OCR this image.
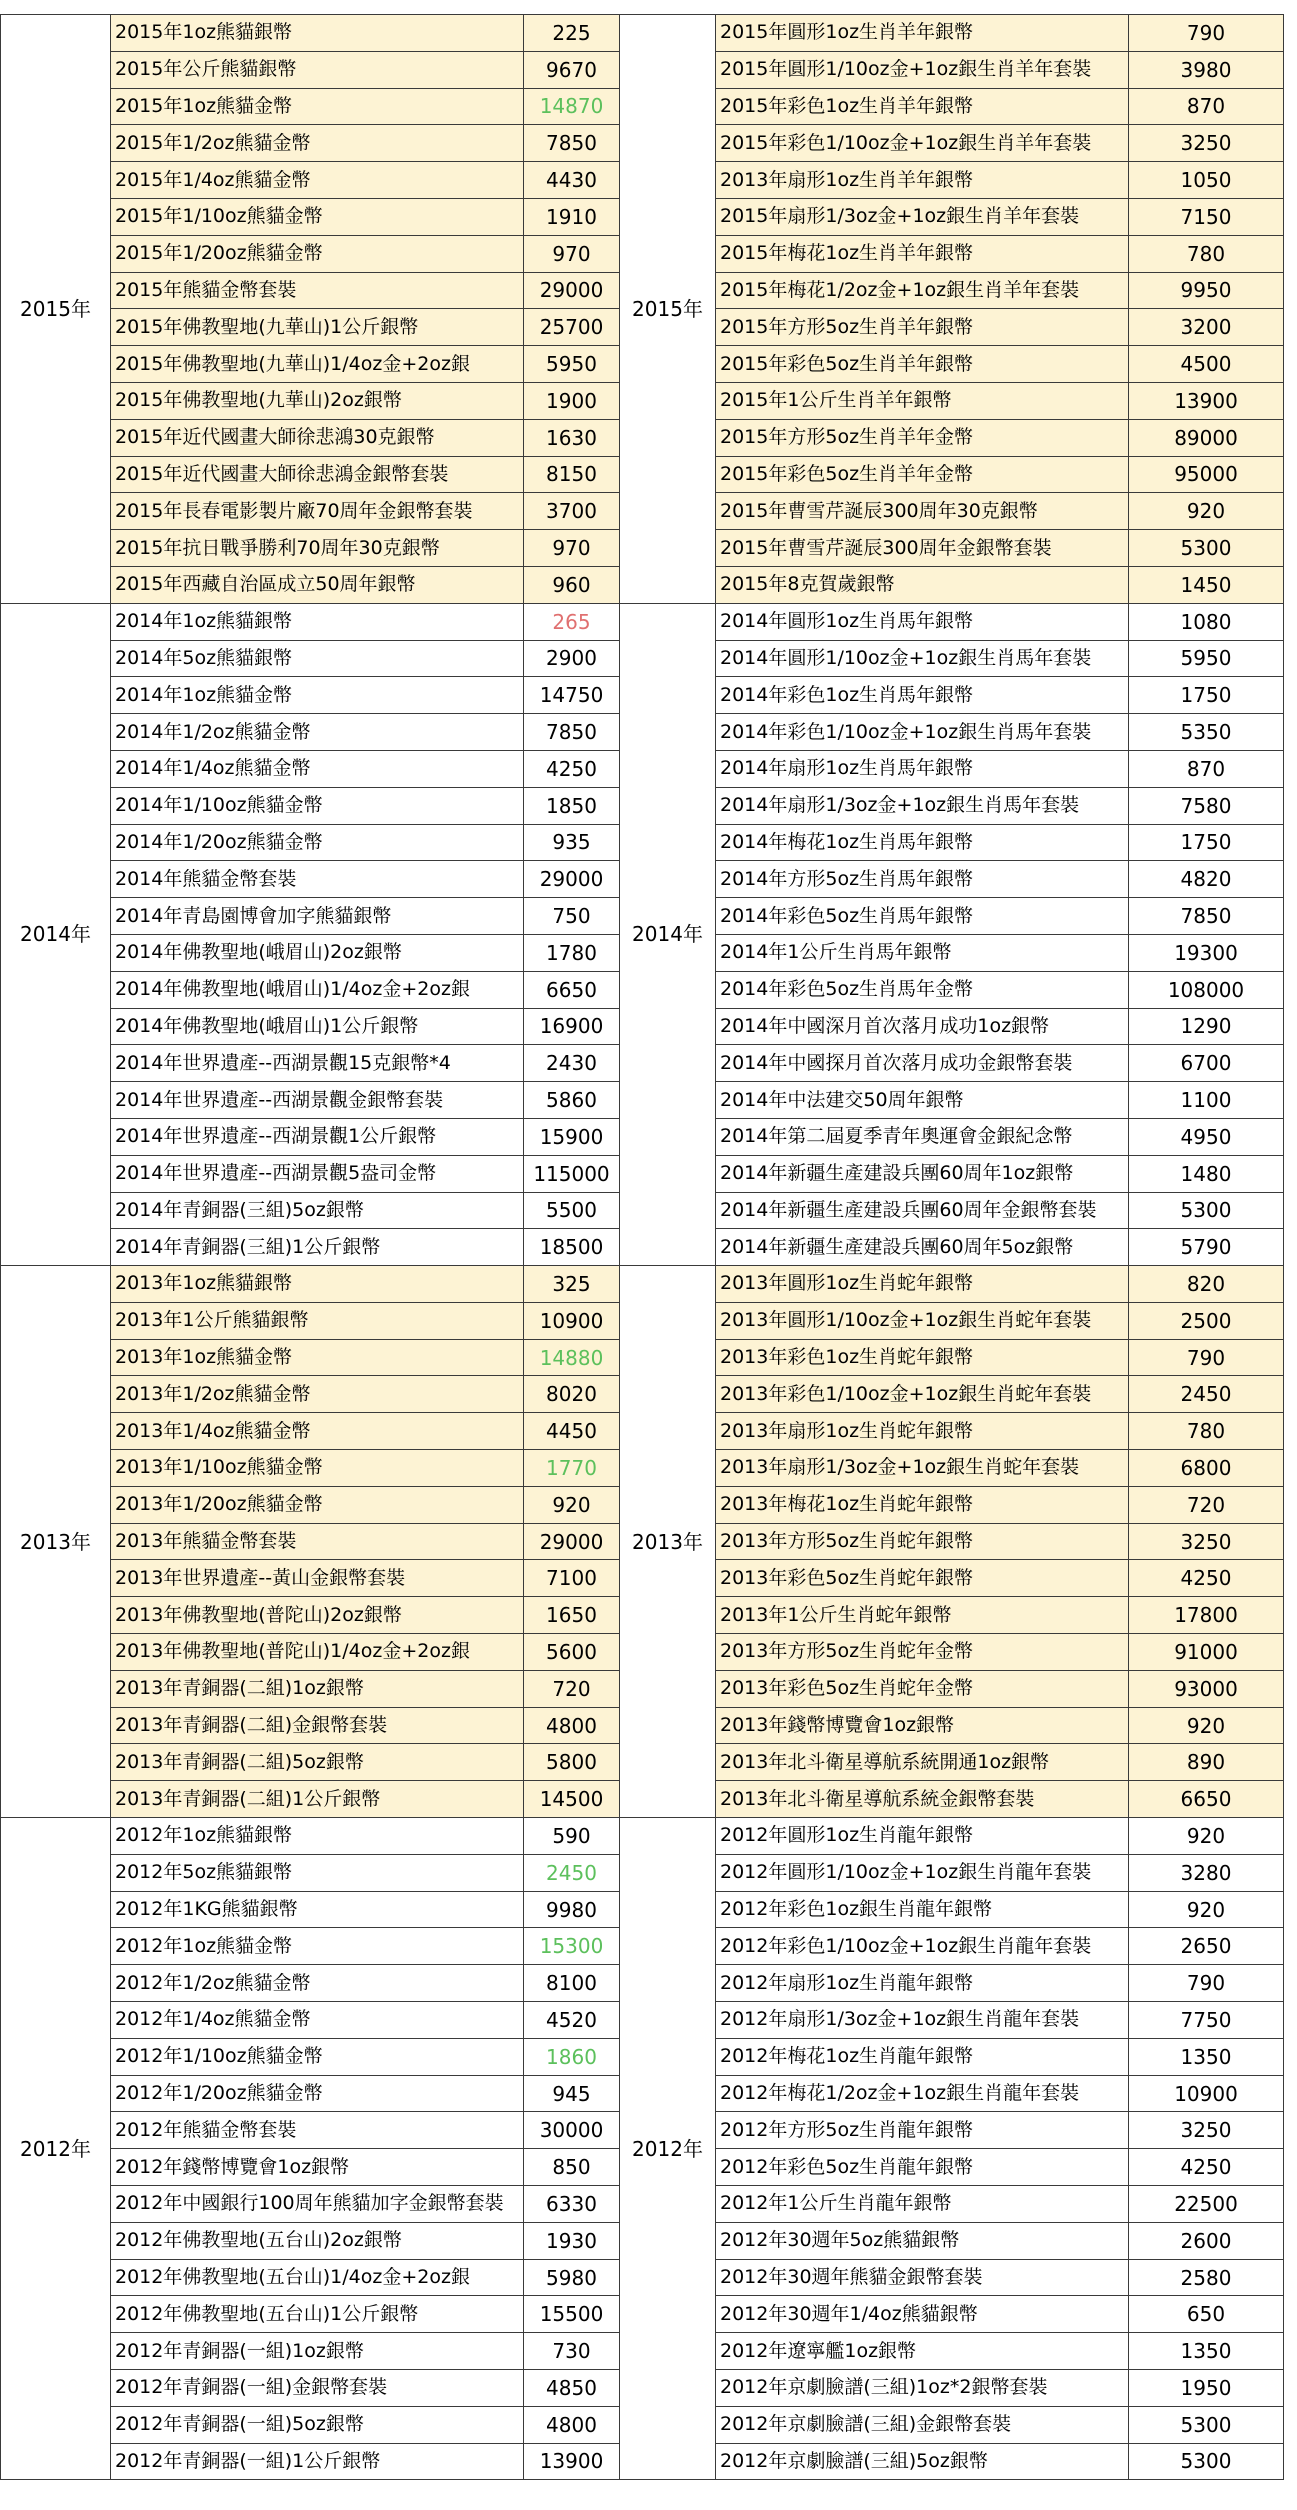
2015年	2015年1oz熊貓銀幣	225	2015年	2015年圓形1oz生肖羊年銀幣	790
	2015年公斤熊貓銀幣	9670		2015年圓形1/10oz金+1oz銀生肖羊年套裝	3980
	2015年1oz熊貓金幣	14870		2015年彩色1oz生肖羊年銀幣	870
	2015年1/2oz熊貓金幣	7850		2015年彩色1/10oz金+1oz銀生肖羊年套裝	3250
	2015年1/4oz熊貓金幣	4430		2013年扇形1oz生肖羊年銀幣	1050
	2015年1/10oz熊貓金幣	1910		2015年扇形1/3oz金+1oz銀生肖羊年套裝	7150
	2015年1/20oz熊貓金幣	970		2015年梅花1oz生肖羊年銀幣	780
	2015年熊貓金幣套裝	29000		2015年梅花1/2oz金+1oz銀生肖羊年套裝	9950
	2015年佛教聖地(九華山)1公斤銀幣	25700		2015年方形5oz生肖羊年銀幣	3200
	2015年佛教聖地(九華山)1/4oz金+2oz銀	5950		2015年彩色5oz生肖羊年銀幣	4500
	2015年佛教聖地(九華山)2oz銀幣	1900		2015年1公斤生肖羊年銀幣	13900
	2015年近代國畫大師徐悲鴻30克銀幣	1630		2015年方形5oz生肖羊年金幣	89000
	2015年近代國畫大師徐悲鴻金銀幣套裝	8150		2015年彩色5oz生肖羊年金幣	95000
	2015年長春電影製片廠70周年金銀幣套裝	3700		2015年曹雪芹誕辰300周年30克銀幣	920
	2015年抗日戰爭勝利70周年30克銀幣	970		2015年曹雪芹誕辰300周年金銀幣套裝	5300
	2015年西藏自治區成立50周年銀幣	960		2015年8克賀歲銀幣	1450
2014年	2014年1oz熊貓銀幣	265	2014年	2014年圓形1oz生肖馬年銀幣	1080
	2014年5oz熊貓銀幣	2900		2014年圓形1/10oz金+1oz銀生肖馬年套裝	5950
	2014年1oz熊貓金幣	14750		2014年彩色1oz生肖馬年銀幣	1750
	2014年1/2oz熊貓金幣	7850		2014年彩色1/10oz金+1oz銀生肖馬年套裝	5350
	2014年1/4oz熊貓金幣	4250		2014年扇形1oz生肖馬年銀幣	870
	2014年1/10oz熊貓金幣	1850		2014年扇形1/3oz金+1oz銀生肖馬年套裝	7580
	2014年1/20oz熊貓金幣	935		2014年梅花1oz生肖馬年銀幣	1750
	2014年熊貓金幣套裝	29000		2014年方形5oz生肖馬年銀幣	4820
	2014年青島園博會加字熊貓銀幣	750		2014年彩色5oz生肖馬年銀幣	7850
	2014年佛教聖地(峨眉山)2oz銀幣	1780		2014年1公斤生肖馬年銀幣	19300
	2014年佛教聖地(峨眉山)1/4oz金+2oz銀	6650		2014年彩色5oz生肖馬年金幣	108000
	2014年佛教聖地(峨眉山)1公斤銀幣	16900		2014年中國深月首次落月成功1oz銀幣	1290
	2014年世界遺產--西湖景觀15克銀幣*4	2430		2014年中國探月首次落月成功金銀幣套裝	6700
	2014年世界遺產--西湖景觀金銀幣套裝	5860		2014年中法建交50周年銀幣	1100
	2014年世界遺產--西湖景觀1公斤銀幣	15900		2014年第二屆夏季青年奧運會金銀紀念幣	4950
	2014年世界遺產--西湖景觀5盎司金幣	115000		2014年新疆生產建設兵團60周年1oz銀幣	1480
	2014年青銅器(三組)5oz銀幣	5500		2014年新疆生產建設兵團60周年金銀幣套裝	5300
	2014年青銅器(三組)1公斤銀幣	18500		2014年新疆生產建設兵團60周年5oz銀幣	5790
2013年	2013年1oz熊貓銀幣	325	2013年	2013年圓形1oz生肖蛇年銀幣	820
	2013年1公斤熊貓銀幣	10900		2013年圓形1/10oz金+1oz銀生肖蛇年套裝	2500
	2013年1oz熊貓金幣	14880		2013年彩色1oz生肖蛇年銀幣	790
	2013年1/2oz熊貓金幣	8020		2013年彩色1/10oz金+1oz銀生肖蛇年套裝	2450
	2013年1/4oz熊貓金幣	4450		2013年扇形1oz生肖蛇年銀幣	780
	2013年1/10oz熊貓金幣	1770		2013年扇形1/3oz金+1oz銀生肖蛇年套裝	6800
	2013年1/20oz熊貓金幣	920		2013年梅花1oz生肖蛇年銀幣	720
	2013年熊貓金幣套裝	29000		2013年方形5oz生肖蛇年銀幣	3250
	2013年世界遺產--黃山金銀幣套裝	7100		2013年彩色5oz生肖蛇年銀幣	4250
	2013年佛教聖地(普陀山)2oz銀幣	1650		2013年1公斤生肖蛇年銀幣	17800
	2013年佛教聖地(普陀山)1/4oz金+2oz銀	5600		2013年方形5oz生肖蛇年金幣	91000
	2013年青銅器(二組)1oz銀幣	720		2013年彩色5oz生肖蛇年金幣	93000
	2013年青銅器(二組)金銀幣套裝	4800		2013年錢幣博覽會1oz銀幣	920
	2013年青銅器(二組)5oz銀幣	5800		2013年北斗衛星導航系統開通1oz銀幣	890
	2013年青銅器(二組)1公斤銀幣	14500		2013年北斗衛星導航系統金銀幣套裝	6650
2012年	2012年1oz熊貓銀幣	590	2012年	2012年圓形1oz生肖龍年銀幣	920
	2012年5oz熊貓銀幣	2450		2012年圓形1/10oz金+1oz銀生肖龍年套裝	3280
	2012年1KG熊貓銀幣	9980		2012年彩色1oz銀生肖龍年銀幣	920
	2012年1oz熊貓金幣	15300		2012年彩色1/10oz金+1oz銀生肖龍年套裝	2650
	2012年1/2oz熊貓金幣	8100		2012年扇形1oz生肖龍年銀幣	790
	2012年1/4oz熊貓金幣	4520		2012年扇形1/3oz金+1oz銀生肖龍年套裝	7750
	2012年1/10oz熊貓金幣	1860		2012年梅花1oz生肖龍年銀幣	1350
	2012年1/20oz熊貓金幣	945		2012年梅花1/2oz金+1oz銀生肖龍年套裝	10900
	2012年熊貓金幣套裝	30000		2012年方形5oz生肖龍年銀幣	3250
	2012年錢幣博覽會1oz銀幣	850		2012年彩色5oz生肖龍年銀幣	4250
	2012年中國銀行100周年熊貓加字金銀幣套裝	6330		2012年1公斤生肖龍年銀幣	22500
	2012年佛教聖地(五台山)2oz銀幣	1930		2012年30週年5oz熊貓銀幣	2600
	2012年佛教聖地(五台山)1/4oz金+2oz銀	5980		2012年30週年熊貓金銀幣套裝	2580
	2012年佛教聖地(五台山)1公斤銀幣	15500		2012年30週年1/4oz熊貓銀幣	650
	2012年青銅器(一組)1oz銀幣	730		2012年遼寧艦1oz銀幣	1350
	2012年青銅器(一組)金銀幣套裝	4850		2012年京劇臉譜(三組)1oz*2銀幣套裝	1950
	2012年青銅器(一組)5oz銀幣	4800		2012年京劇臉譜(三組)金銀幣套裝	5300
	2012年青銅器(一組)1公斤銀幣	13900		2012年京劇臉譜(三組)5oz銀幣	5300
